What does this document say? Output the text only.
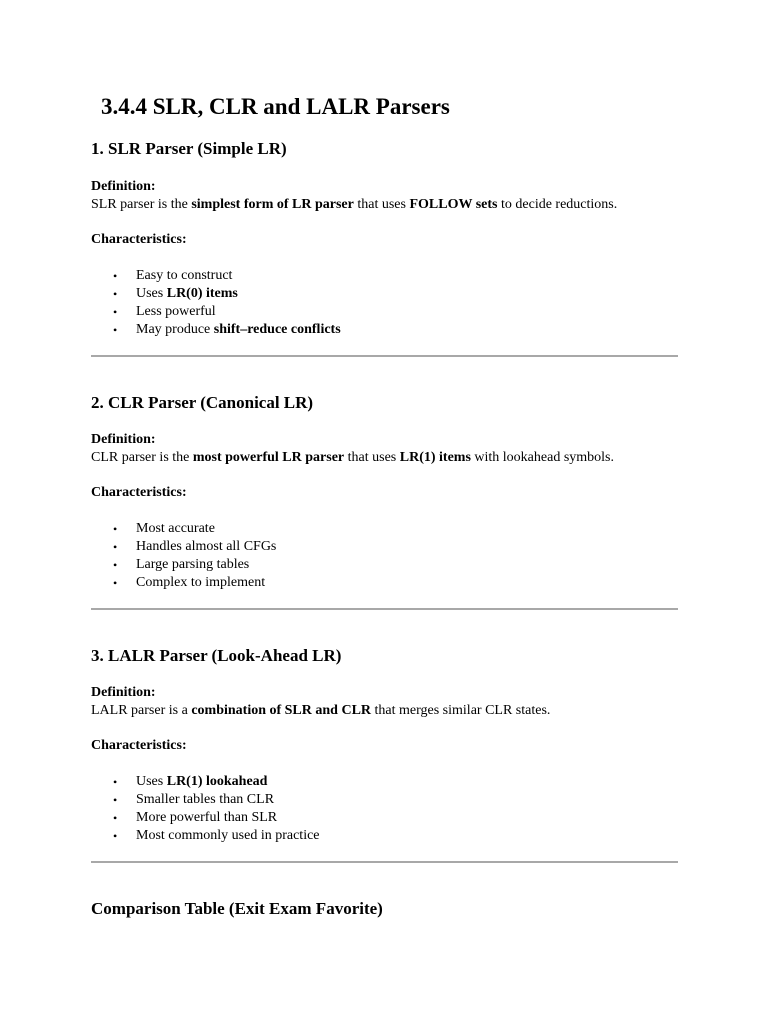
3.4.4 SLR, CLR and LALR Parsers
1. SLR Parser (Simple LR)

Definition:

SLR parser is the simplest form of LR parser that uses FOLLOW sets to decide reductions.

Characteristics:

• Easy to construct
• Uses LR(0) items
• Less powerful
• May produce shift–reduce conflicts
2. CLR Parser (Canonical LR)

Definition:

CLR parser is the most powerful LR parser that uses LR(1) items with lookahead symbols.

Characteristics:

• Most accurate
• Handles almost all CFGs
• Large parsing tables
• Complex to implement
3. LALR Parser (Look-Ahead LR)

Definition:

LALR parser is a combination of SLR and CLR that merges similar CLR states.

Characteristics:

• Uses LR(1) lookahead
• Smaller tables than CLR
• More powerful than SLR
• Most commonly used in practice
Comparison Table (Exit Exam Favorite)
